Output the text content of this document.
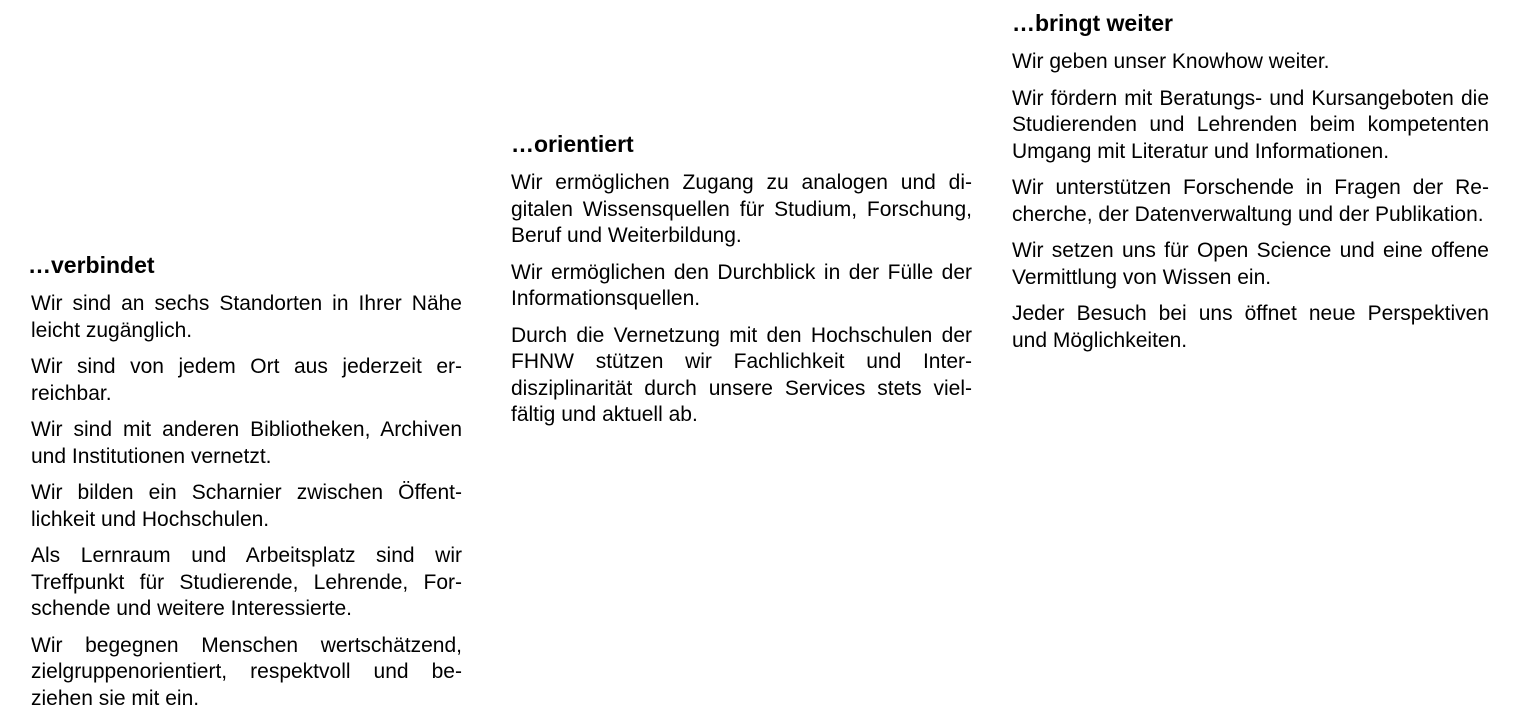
…verbindet

Wir sind an sechs Standorten in Ihrer Nähe leicht zugänglich.

Wir sind von jedem Ort aus jederzeit erreichbar.

Wir sind mit anderen Bibliotheken, Archiven und Institutionen vernetzt.

Wir bilden ein Scharnier zwischen Öffentlichkeit und Hochschulen.

Als Lernraum und Arbeitsplatz sind wir Treffpunkt für Studierende, Lehrende, Forschende und weitere Interessierte.

Wir begegnen Menschen wertschätzend, zielgruppenorientiert, respektvoll und beziehen sie mit ein.

…orientiert

Wir ermöglichen Zugang zu analogen und digitalen Wissensquellen für Studium, Forschung, Beruf und Weiterbildung.

Wir ermöglichen den Durchblick in der Fülle der Informationsquellen.

Durch die Vernetzung mit den Hochschulen der FHNW stützen wir Fachlichkeit und Interdisziplinarität durch unsere Services stets vielfältig und aktuell ab.

…bringt weiter

Wir geben unser Knowhow weiter.

Wir fördern mit Beratungs- und Kursangeboten die Studierenden und Lehrenden beim kompetenten Umgang mit Literatur und Informationen.

Wir unterstützen Forschende in Fragen der Recherche, der Datenverwaltung und der Publikation.

Wir setzen uns für Open Science und eine offene Vermittlung von Wissen ein.

Jeder Besuch bei uns öffnet neue Perspektiven und Möglichkeiten.
